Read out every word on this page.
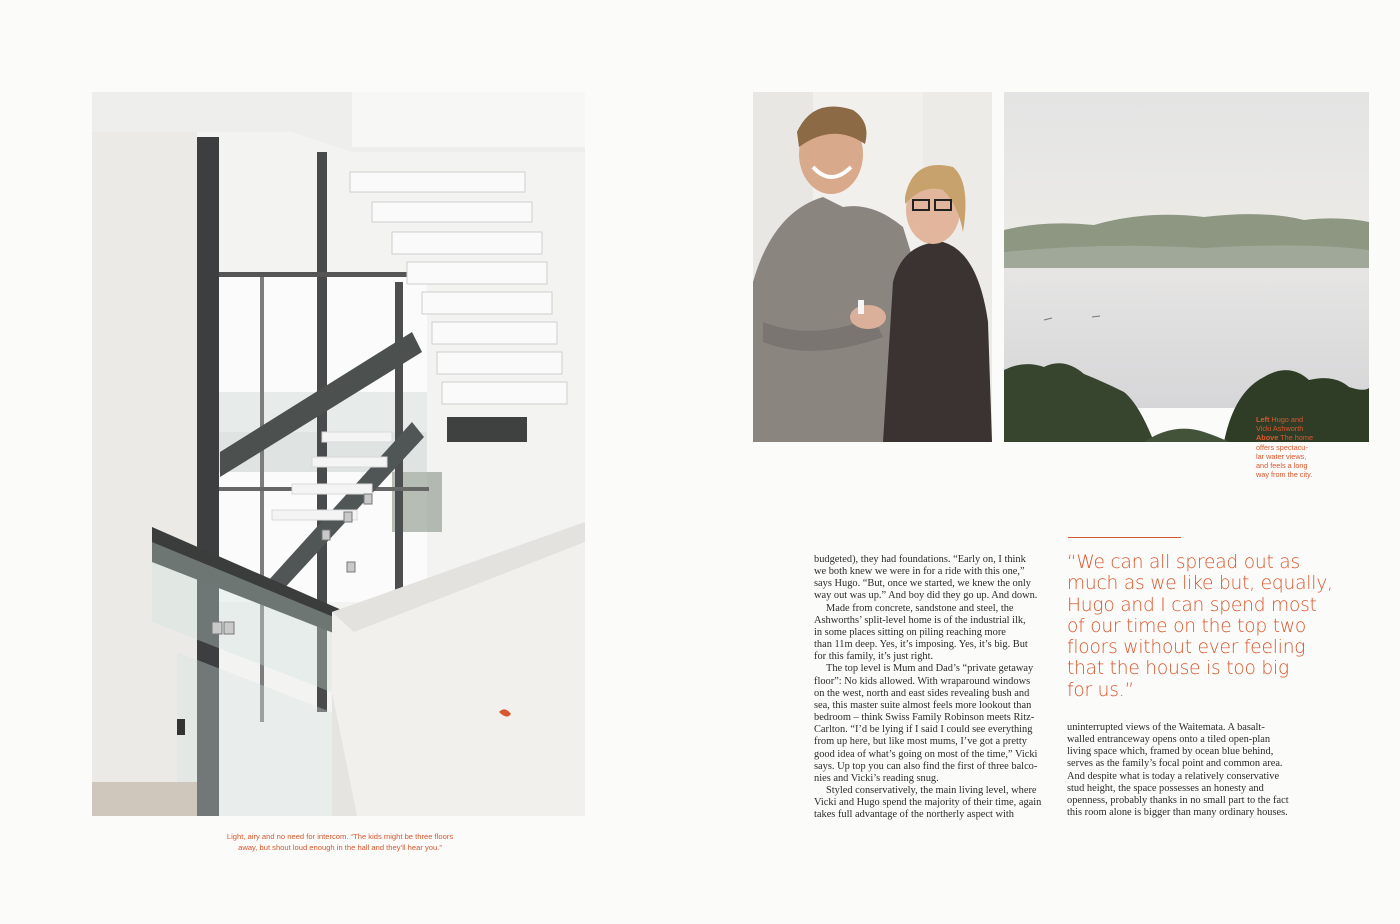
Light, airy and no need for intercom. “The kids might be three floors
away, but shout loud enough in the hall and they’ll hear you.”
Left Hugo and
Vicki Ashworth
Above The home
offers spectacu-
lar water views,
and feels a long
way from the city.
budgeted), they had foundations. “Early on, I think
we both knew we were in for a ride with this one,”
says Hugo. “But, once we started, we knew the only
way out was up.” And boy did they go up. And down.
Made from concrete, sandstone and steel, the
Ashworths’ split-level home is of the industrial ilk,
in some places sitting on piling reaching more
than 11m deep. Yes, it’s imposing. Yes, it’s big. But
for this family, it’s just right.
The top level is Mum and Dad’s “private getaway
floor”: No kids allowed. With wraparound windows
on the west, north and east sides revealing bush and
sea, this master suite almost feels more lookout than
bedroom – think Swiss Family Robinson meets Ritz-
Carlton. “I’d be lying if I said I could see everything
from up here, but like most mums, I’ve got a pretty
good idea of what’s going on most of the time,” Vicki
says. Up top you can also find the first of three balco-
nies and Vicki’s reading snug.
Styled conservatively, the main living level, where
Vicki and Hugo spend the majority of their time, again
takes full advantage of the northerly aspect with
“We can all spread out as
much as we like but, equally,
Hugo and I can spend most
of our time on the top two
floors without ever feeling
that the house is too big
for us.”
uninterrupted views of the Waitemata. A basalt-
walled entranceway opens onto a tiled open-plan
living space which, framed by ocean blue behind,
serves as the family’s focal point and common area.
And despite what is today a relatively conservative
stud height, the space possesses an honesty and
openness, probably thanks in no small part to the fact
this room alone is bigger than many ordinary houses.
